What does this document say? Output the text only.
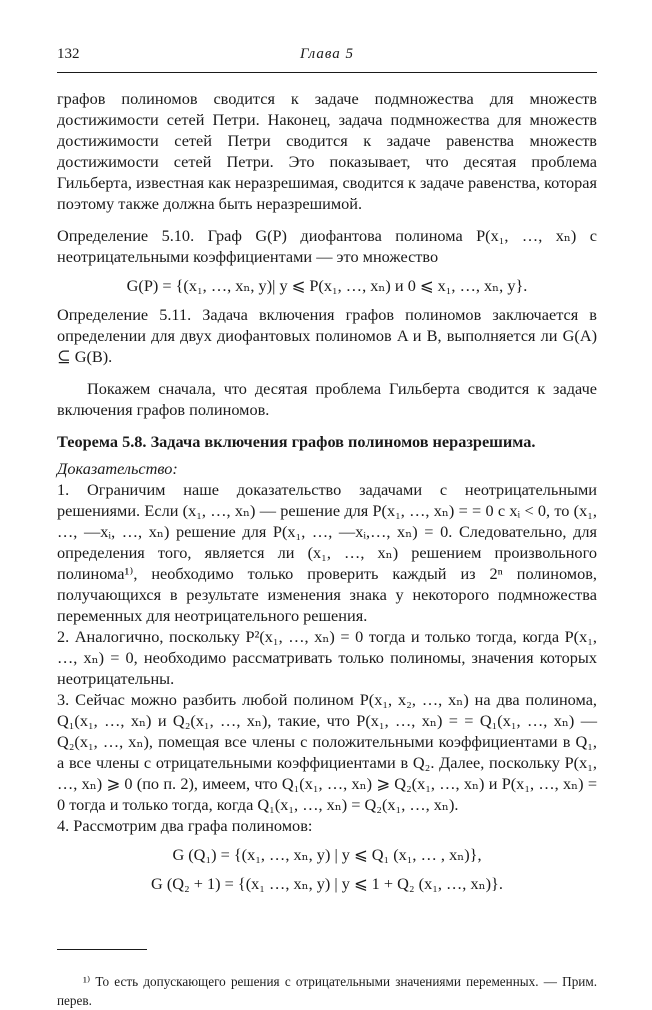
132	Глава 5

графов полиномов сводится к задаче подмножества для множеств достижимости сетей Петри. Наконец, задача подмножества для множеств достижимости сетей Петри сводится к задаче равенства множеств достижимости сетей Петри. Это показывает, что десятая проблема Гильберта, известная как неразрешимая, сводится к задаче равенства, которая поэтому также должна быть неразрешимой.

Определение 5.10. Граф G(P) диофантова полинома P(x₁, …, xₙ) с неотрицательными коэффициентами — это множество

G(P) = {(x₁, …, xₙ, y)| y ⩽ P(x₁, …, xₙ) и 0 ⩽ x₁, …, xₙ, y}.

Определение 5.11. Задача включения графов полиномов заключается в определении для двух диофантовых полиномов A и B, выполняется ли G(A) ⊆ G(B).

Покажем сначала, что десятая проблема Гильберта сводится к задаче включения графов полиномов.

Теорема 5.8. Задача включения графов полиномов неразрешима.

Доказательство:

1. Ограничим наше доказательство задачами с неотрицательными решениями. Если (x₁, …, xₙ) — решение для P(x₁, …, xₙ) = = 0 с xᵢ < 0, то (x₁, …, —xᵢ, …, xₙ) решение для P(x₁, …, —xᵢ,…, xₙ) = 0. Следовательно, для определения того, является ли (x₁, …, xₙ) решением произвольного полинома¹⁾, необходимо только проверить каждый из 2ⁿ полиномов, получающихся в результате изменения знака у некоторого подмножества переменных для неотрицательного решения.

2. Аналогично, поскольку P²(x₁, …, xₙ) = 0 тогда и только тогда, когда P(x₁, …, xₙ) = 0, необходимо рассматривать только полиномы, значения которых неотрицательны.

3. Сейчас можно разбить любой полином P(x₁, x₂, …, xₙ) на два полинома, Q₁(x₁, …, xₙ) и Q₂(x₁, …, xₙ), такие, что P(x₁, …, xₙ) = = Q₁(x₁, …, xₙ) — Q₂(x₁, …, xₙ), помещая все члены с положительными коэффициентами в Q₁, а все члены с отрицательными коэффициентами в Q₂. Далее, поскольку P(x₁, …, xₙ) ⩾ 0 (по п. 2), имеем, что Q₁(x₁, …, xₙ) ⩾ Q₂(x₁, …, xₙ) и P(x₁, …, xₙ) = 0 тогда и только тогда, когда Q₁(x₁, …, xₙ) = Q₂(x₁, …, xₙ).

4. Рассмотрим два графа полиномов:

G (Q₁) = {(x₁, …, xₙ, y) | y ⩽ Q₁ (x₁, … , xₙ)},

G (Q₂ + 1) = {(x₁ …, xₙ, y) | y ⩽ 1 + Q₂ (x₁, …, xₙ)}.

¹⁾ То есть допускающего решения с отрицательными значениями переменных. — Прим. перев.
